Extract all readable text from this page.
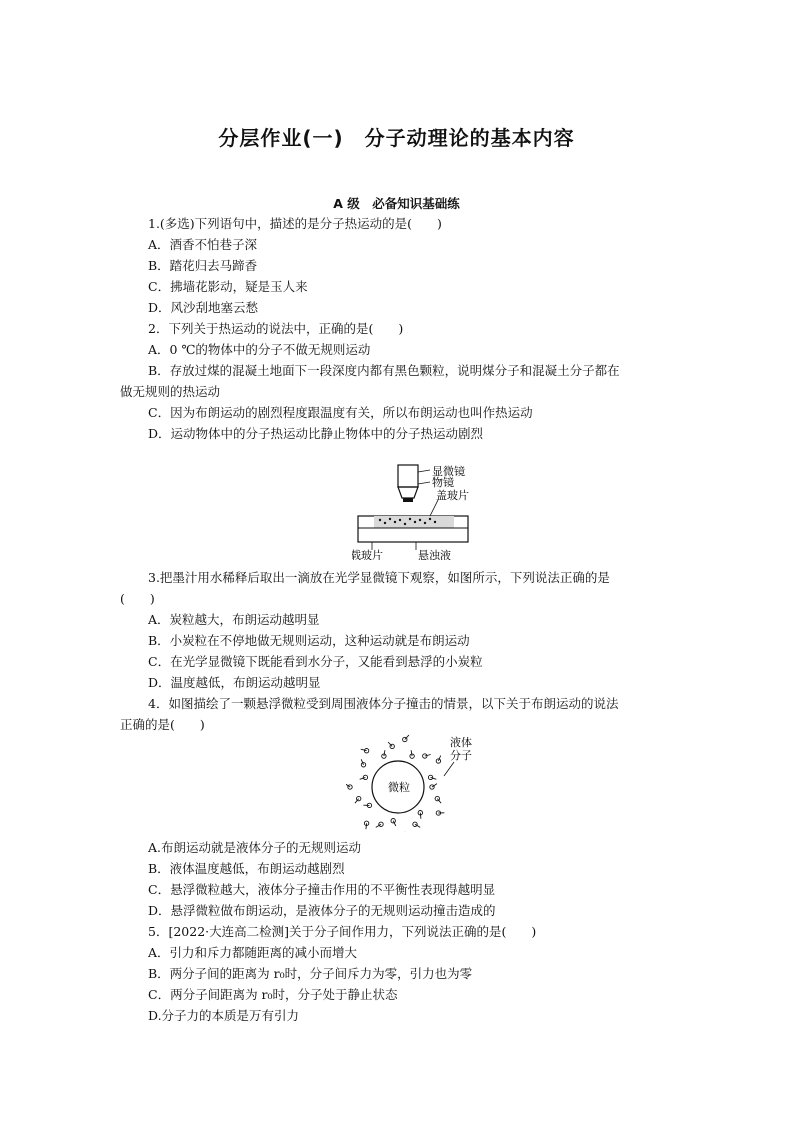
分层作业(一)　分子动理论的基本内容
A 级　必备知识基础练
1.(多选)下列语句中，描述的是分子热运动的是(　　)
A．酒香不怕巷子深
B．踏花归去马蹄香
C．拂墙花影动，疑是玉人来
D．风沙刮地塞云愁
2．下列关于热运动的说法中，正确的是(　　)
A．0 ℃的物体中的分子不做无规则运动
B．存放过煤的混凝土地面下一段深度内都有黑色颗粒，说明煤分子和混凝土分子都在
做无规则的热运动
C．因为布朗运动的剧烈程度跟温度有关，所以布朗运动也叫作热运动
D．运动物体中的分子热运动比静止物体中的分子热运动剧烈
显微镜
物镜
盖玻片
载玻片	悬浊液
3.把墨汁用水稀释后取出一滴放在光学显微镜下观察，如图所示，下列说法正确的是
(　　)
A．炭粒越大，布朗运动越明显
B．小炭粒在不停地做无规则运动，这种运动就是布朗运动
C．在光学显微镜下既能看到水分子，又能看到悬浮的小炭粒
D．温度越低，布朗运动越明显
4．如图描绘了一颗悬浮微粒受到周围液体分子撞击的情景，以下关于布朗运动的说法
正确的是(　　)
微粒
液体
分子
A.布朗运动就是液体分子的无规则运动
B．液体温度越低，布朗运动越剧烈
C．悬浮微粒越大，液体分子撞击作用的不平衡性表现得越明显
D．悬浮微粒做布朗运动，是液体分子的无规则运动撞击造成的
5．[2022·大连高二检测]关于分子间作用力，下列说法正确的是(　　)
A．引力和斥力都随距离的减小而增大
B．两分子间的距离为 r₀时，分子间斥力为零，引力也为零
C．两分子间距离为 r₀时，分子处于静止状态
D.分子力的本质是万有引力
